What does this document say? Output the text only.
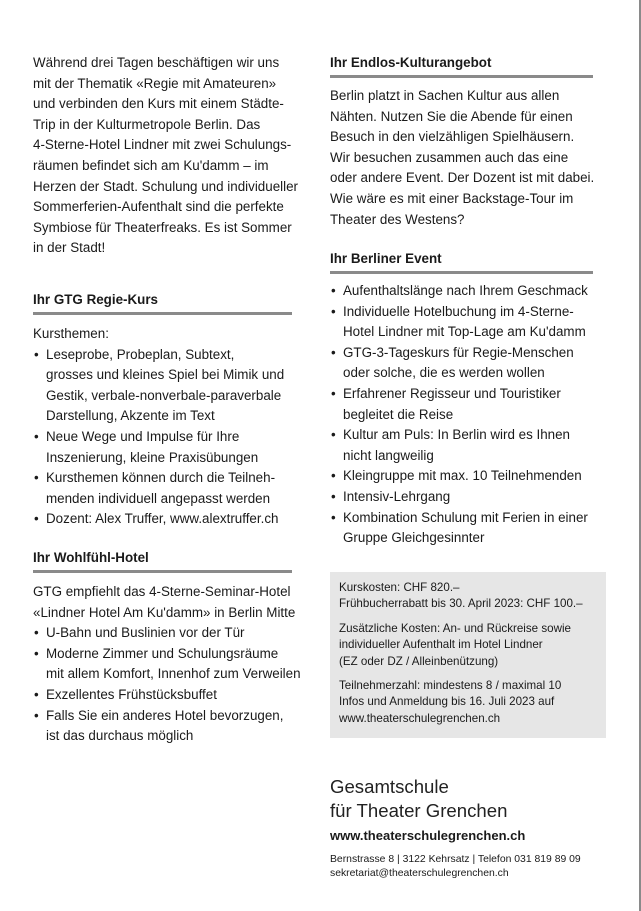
Während drei Tagen beschäftigen wir uns
mit der Thematik «Regie mit Amateuren»
und verbinden den Kurs mit einem Städte-
Trip in der Kulturmetropole Berlin. Das
4-Sterne-Hotel Lindner mit zwei Schulungs-
räumen befindet sich am Ku'damm – im
Herzen der Stadt. Schulung und individueller
Sommerferien-Aufenthalt sind die perfekte
Symbiose für Theaterfreaks. Es ist Sommer
in der Stadt!

Ihr GTG Regie-Kurs

Kursthemen:

• Leseprobe, Probeplan, Subtext,
grosses und kleines Spiel bei Mimik und
Gestik, verbale-nonverbale-paraverbale
Darstellung, Akzente im Text
• Neue Wege und Impulse für Ihre
Inszenierung, kleine Praxisübungen
• Kursthemen können durch die Teilneh-
menden individuell angepasst werden
• Dozent: Alex Truffer, www.alextruffer.ch
Ihr Wohlfühl-Hotel

GTG empfiehlt das 4-Sterne-Seminar-Hotel
«Lindner Hotel Am Ku'damm» in Berlin Mitte

• U-Bahn und Buslinien vor der Tür
• Moderne Zimmer und Schulungsräume
mit allem Komfort, Innenhof zum Verweilen
• Exzellentes Frühstücksbuffet
• Falls Sie ein anderes Hotel bevorzugen,
ist das durchaus möglich
Ihr Endlos-Kulturangebot

Berlin platzt in Sachen Kultur aus allen
Nähten. Nutzen Sie die Abende für einen
Besuch in den vielzähligen Spielhäusern.
Wir besuchen zusammen auch das eine
oder andere Event. Der Dozent ist mit dabei.
Wie wäre es mit einer Backstage-Tour im
Theater des Westens?

Ihr Berliner Event
• Aufenthaltslänge nach Ihrem Geschmack
• Individuelle Hotelbuchung im 4-Sterne-
Hotel Lindner mit Top-Lage am Ku'damm
• GTG-3-Tageskurs für Regie-Menschen
oder solche, die es werden wollen
• Erfahrener Regisseur und Touristiker
begleitet die Reise
• Kultur am Puls: In Berlin wird es Ihnen
nicht langweilig
• Kleingruppe mit max. 10 Teilnehmenden
• Intensiv-Lehrgang
• Kombination Schulung mit Ferien in einer
Gruppe Gleichgesinnter

Kurskosten: CHF 820.–
Frühbucherrabatt bis 30. April 2023: CHF 100.–

Zusätzliche Kosten: An- und Rückreise sowie
individueller Aufenthalt im Hotel Lindner
(EZ oder DZ / Alleinbenützung)

Teilnehmerzahl: mindestens 8 / maximal 10
Infos und Anmeldung bis 16. Juli 2023 auf
www.theaterschulegrenchen.ch

Gesamtschule
für Theater Grenchen

www.theaterschulegrenchen.ch

Bernstrasse 8 | 3122 Kehrsatz | Telefon 031 819 89 09

sekretariat@theaterschulegrenchen.ch
